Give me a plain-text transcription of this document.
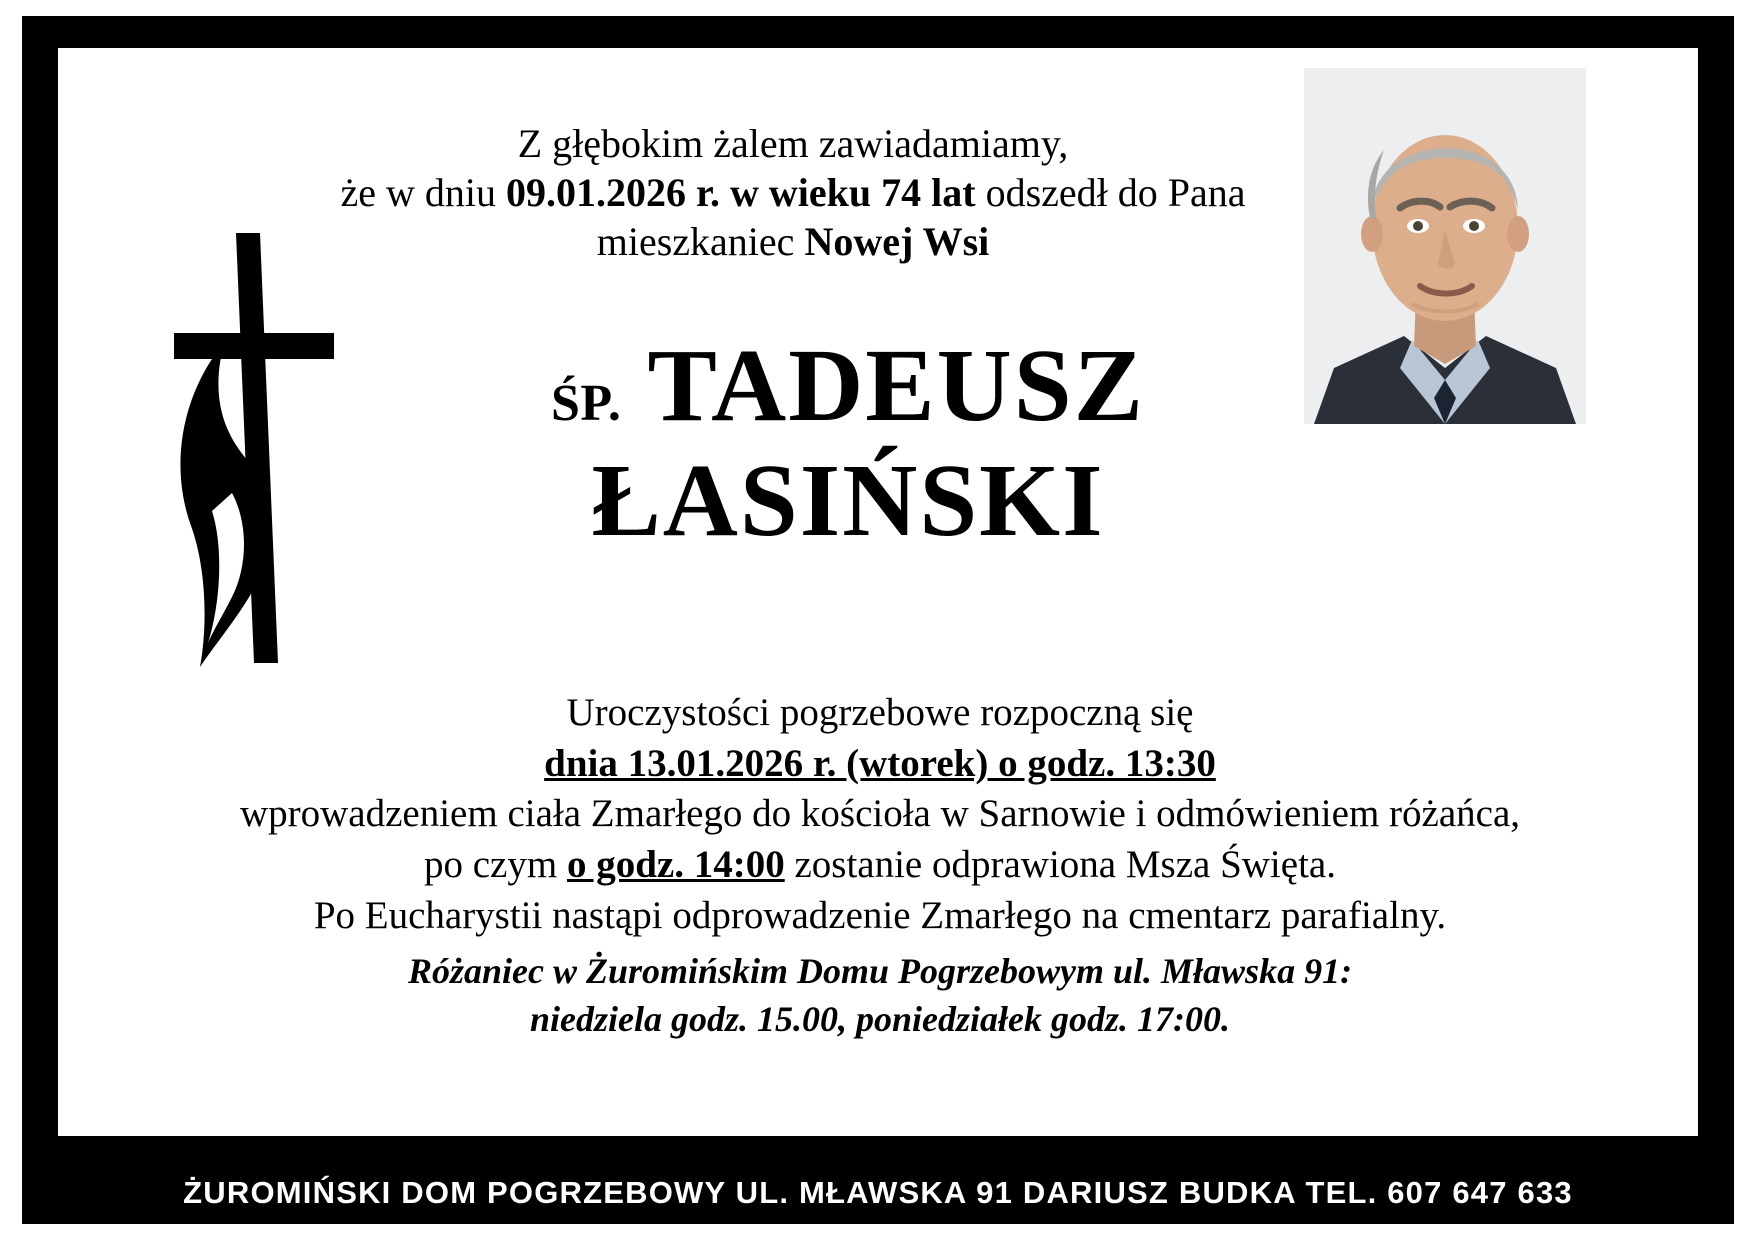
Z głębokim żalem zawiadamiamy,
że w dniu 09.01.2026 r. w wieku 74 lat odszedł do Pana
mieszkaniec Nowej Wsi
ŚP. TADEUSZ
ŁASIŃSKI
Uroczystości pogrzebowe rozpoczną się
dnia 13.01.2026 r. (wtorek) o godz. 13:30
wprowadzeniem ciała Zmarłego do kościoła w Sarnowie i odmówieniem różańca,
po czym o godz. 14:00 zostanie odprawiona Msza Święta.
Po Eucharystii nastąpi odprowadzenie Zmarłego na cmentarz parafialny.
Różaniec w Żuromińskim Domu Pogrzebowym ul. Mławska 91:
niedziela godz. 15.00, poniedziałek godz. 17:00.
ŻUROMIŃSKI DOM POGRZEBOWY UL. MŁAWSKA 91 DARIUSZ BUDKA TEL. 607 647 633
